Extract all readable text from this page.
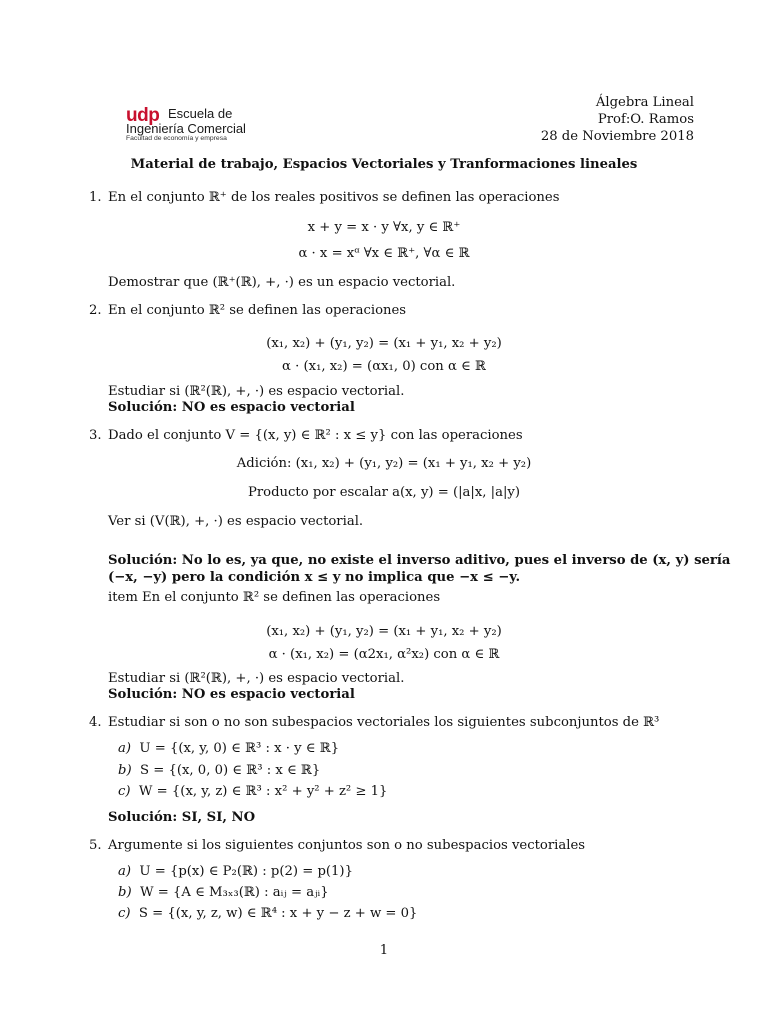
udp Escuela de
Ingeniería Comercial
Facultad de economía y empresa
Álgebra Lineal
Prof:O. Ramos
28 de Noviembre 2018
Material de trabajo, Espacios Vectoriales y Tranformaciones lineales
1. En el conjunto ℝ⁺ de los reales positivos se definen las operaciones
x + y = x · y ∀x, y ∈ ℝ⁺
α · x = xᵅ ∀x ∈ ℝ⁺, ∀α ∈ ℝ
Demostrar que (ℝ⁺(ℝ), +, ·) es un espacio vectorial.
2. En el conjunto ℝ² se definen las operaciones
(x₁, x₂) + (y₁, y₂) = (x₁ + y₁, x₂ + y₂)
α · (x₁, x₂) = (αx₁, 0) con α ∈ ℝ
Estudiar si (ℝ²(ℝ), +, ·) es espacio vectorial.
Solución: NO es espacio vectorial
3. Dado el conjunto V = {(x, y) ∈ ℝ² : x ≤ y} con las operaciones
Adición: (x₁, x₂) + (y₁, y₂) = (x₁ + y₁, x₂ + y₂)
Producto por escalar a(x, y) = (|a|x, |a|y)
Ver si (V(ℝ), +, ·) es espacio vectorial.
Solución: No lo es, ya que, no existe el inverso aditivo, pues el inverso de (x, y) sería
(−x, −y) pero la condición x ≤ y no implica que −x ≤ −y.
item En el conjunto ℝ² se definen las operaciones
(x₁, x₂) + (y₁, y₂) = (x₁ + y₁, x₂ + y₂)
α · (x₁, x₂) = (α2x₁, α²x₂) con α ∈ ℝ
Estudiar si (ℝ²(ℝ), +, ·) es espacio vectorial.
Solución: NO es espacio vectorial
4. Estudiar si son o no son subespacios vectoriales los siguientes subconjuntos de ℝ³
a) U = {(x, y, 0) ∈ ℝ³ : x · y ∈ ℝ}
b) S = {(x, 0, 0) ∈ ℝ³ : x ∈ ℝ}
c) W = {(x, y, z) ∈ ℝ³ : x² + y² + z² ≥ 1}
Solución: SI, SI, NO
5. Argumente si los siguientes conjuntos son o no subespacios vectoriales
a) U = {p(x) ∈ P₂(ℝ) : p(2) = p(1)}
b) W = {A ∈ M₃ₓ₃(ℝ) : aᵢⱼ = aⱼᵢ}
c) S = {(x, y, z, w) ∈ ℝ⁴ : x + y − z + w = 0}
1
